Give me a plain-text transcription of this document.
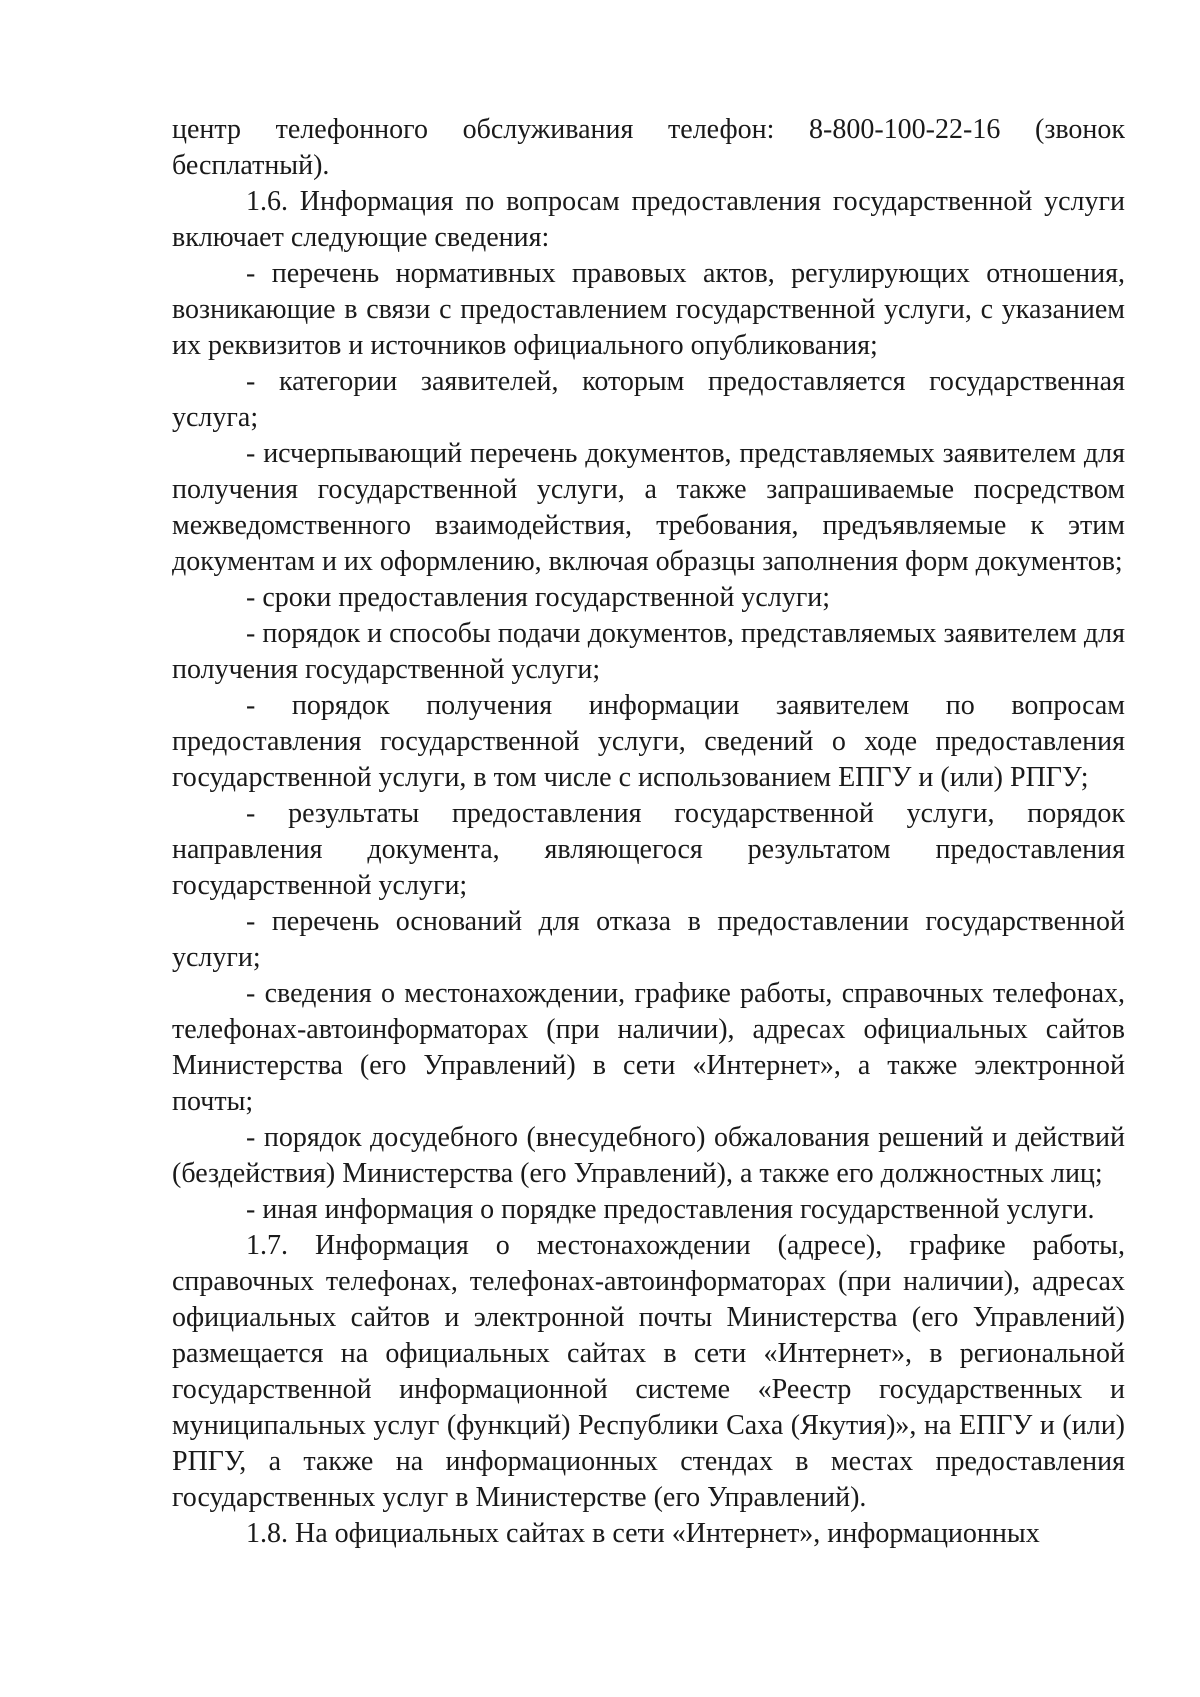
центр телефонного обслуживания телефон: 8-800-100-22-16 (звонок бесплатный).

1.6. Информация по вопросам предоставления государственной услуги включает следующие сведения:

- перечень нормативных правовых актов, регулирующих отношения, возникающие в связи с предоставлением государственной услуги, с указанием их реквизитов и источников официального опубликования;

- категории заявителей, которым предоставляется государственная услуга;

- исчерпывающий перечень документов, представляемых заявителем для получения государственной услуги, а также запрашиваемые посредством межведомственного взаимодействия, требования, предъявляемые к этим документам и их оформлению, включая образцы заполнения форм документов;

- сроки предоставления государственной услуги;

- порядок и способы подачи документов, представляемых заявителем для получения государственной услуги;

- порядок получения информации заявителем по вопросам предоставления государственной услуги, сведений о ходе предоставления государственной услуги, в том числе с использованием ЕПГУ и (или) РПГУ;

- результаты предоставления государственной услуги, порядок направления документа, являющегося результатом предоставления государственной услуги;

- перечень оснований для отказа в предоставлении государственной услуги;

- сведения о местонахождении, графике работы, справочных телефонах, телефонах-автоинформаторах (при наличии), адресах официальных сайтов Министерства (его Управлений) в сети «Интернет», а также электронной почты;

- порядок досудебного (внесудебного) обжалования решений и действий (бездействия) Министерства (его Управлений), а также его должностных лиц;

- иная информация о порядке предоставления государственной услуги.

1.7. Информация о местонахождении (адресе), графике работы, справочных телефонах, телефонах-автоинформаторах (при наличии), адресах официальных сайтов и электронной почты Министерства (его Управлений) размещается на официальных сайтах в сети «Интернет», в региональной государственной информационной системе «Реестр государственных и муниципальных услуг (функций) Республики Саха (Якутия)», на ЕПГУ и (или) РПГУ, а также на информационных стендах в местах предоставления государственных услуг в Министерстве (его Управлений).

1.8. На официальных сайтах в сети «Интернет», информационных
